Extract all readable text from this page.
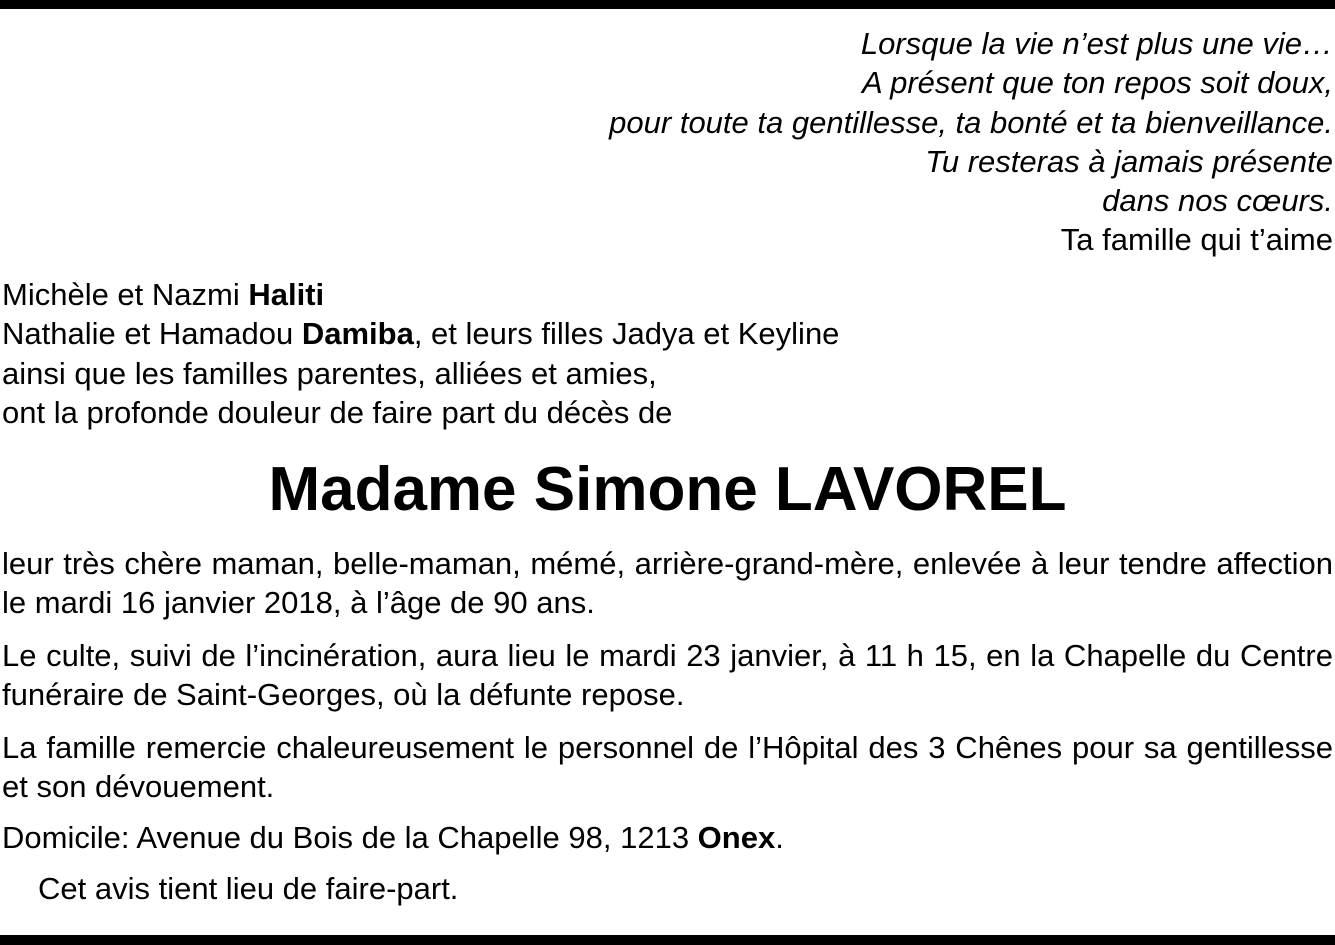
Lorsque la vie n’est plus une vie…
A présent que ton repos soit doux,
pour toute ta gentillesse, ta bonté et ta bienveillance.
Tu resteras à jamais présente
dans nos cœurs.
Ta famille qui t’aime
Michèle et Nazmi Haliti
Nathalie et Hamadou Damiba, et leurs filles Jadya et Keyline
ainsi que les familles parentes, alliées et amies,
ont la profonde douleur de faire part du décès de
Madame Simone LAVOREL
leur très chère maman, belle-maman, mémé, arrière-grand-mère, enlevée à leur tendre affection le mardi 16 janvier 2018, à l’âge de 90 ans.
Le culte, suivi de l’incinération, aura lieu le mardi 23 janvier, à 11 h 15, en la Chapelle du Centre funéraire de Saint-Georges, où la défunte repose.
La famille remercie chaleureusement le personnel de l’Hôpital des 3 Chênes pour sa gentillesse et son dévouement.
Domicile: Avenue du Bois de la Chapelle 98, 1213 Onex.
Cet avis tient lieu de faire-part.
